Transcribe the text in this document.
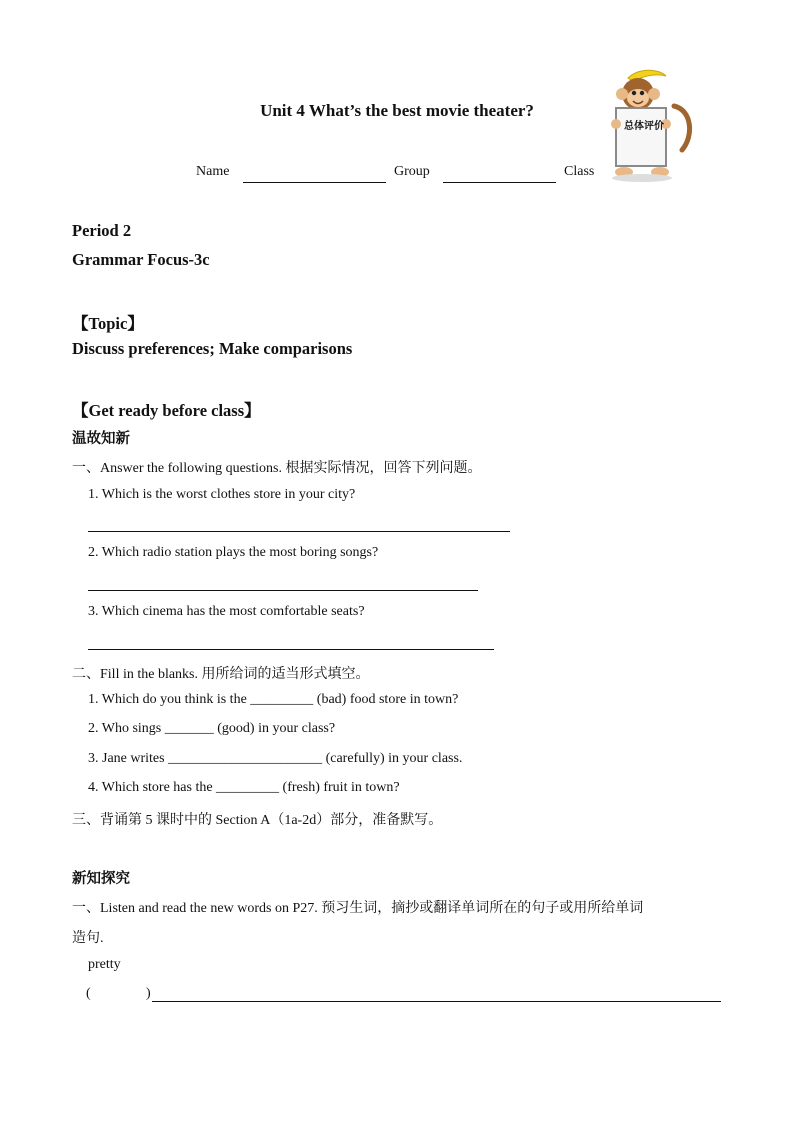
Unit 4 What’s the best movie theater?
总体评价
Name	Group	Class
Period 2
Grammar Focus-3c
【Topic】
Discuss preferences; Make comparisons
【Get ready before class】
温故知新
一、Answer the following questions. 根据实际情况，回答下列问题。
1. Which is the worst clothes store in your city?
2. Which radio station plays the most boring songs?
3. Which cinema has the most comfortable seats?
二、Fill in the blanks. 用所给词的适当形式填空。
1. Which do you think is the _________ (bad) food store in town?
2. Who sings _______ (good) in your class?
3. Jane writes ______________________ (carefully) in your class.
4. Which store has the _________ (fresh) fruit in town?
三、背诵第 5 课时中的 Section A（1a-2d）部分，准备默写。
新知探究
一、Listen and read the new words on P27. 预习生词，摘抄或翻译单词所在的句子或用所给单词
造句.
pretty
(	)
